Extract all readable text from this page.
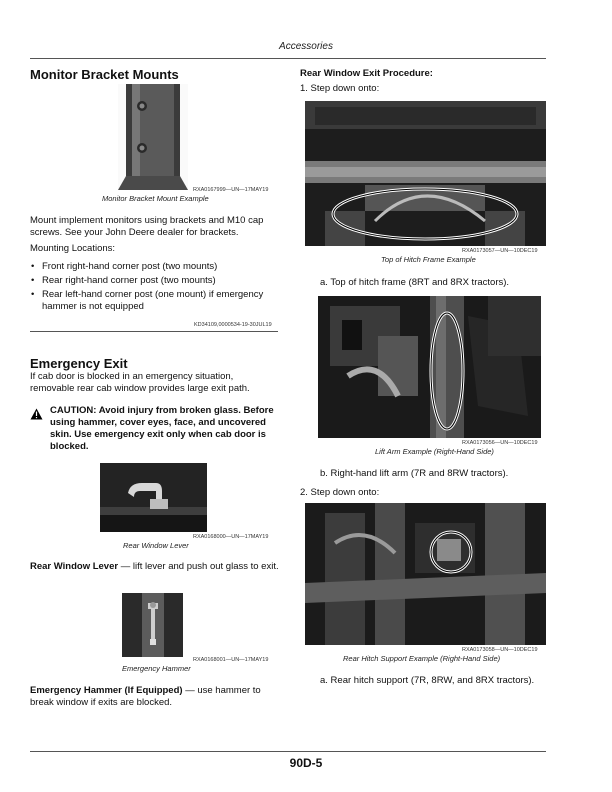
Accessories
Monitor Bracket Mounts
RXA0167999—UN—17MAY19
Monitor Bracket Mount Example
Mount implement monitors using brackets and M10 cap screws. See your John Deere dealer for brackets.
Mounting Locations:
• Front right-hand corner post (two mounts)
• Rear right-hand corner post (two mounts)
• Rear left-hand corner post (one mount) if emergency hammer is not equipped
KD34109,0000534-19-30JUL19
Emergency Exit
If cab door is blocked in an emergency situation, removable rear cab window provides large exit path.
CAUTION: Avoid injury from broken glass. Before using hammer, cover eyes, face, and uncovered skin. Use emergency exit only when cab door is blocked.
RXA0168000—UN—17MAY19
Rear Window Lever
Rear Window Lever — lift lever and push out glass to exit.
RXA0168001—UN—17MAY19
Emergency Hammer
Emergency Hammer (If Equipped) — use hammer to break window if exits are blocked.
Rear Window Exit Procedure:
1. Step down onto:
RXA0173057—UN—10DEC19
Top of Hitch Frame Example
a. Top of hitch frame (8RT and 8RX tractors).
RXA0173056—UN—10DEC19
Lift Arm Example (Right-Hand Side)
b. Right-hand lift arm (7R and 8RW tractors).
2. Step down onto:
RXA0173058—UN—10DEC19
Rear Hitch Support Example (Right-Hand Side)
a. Rear hitch support (7R, 8RW, and 8RX tractors).
90D-5
